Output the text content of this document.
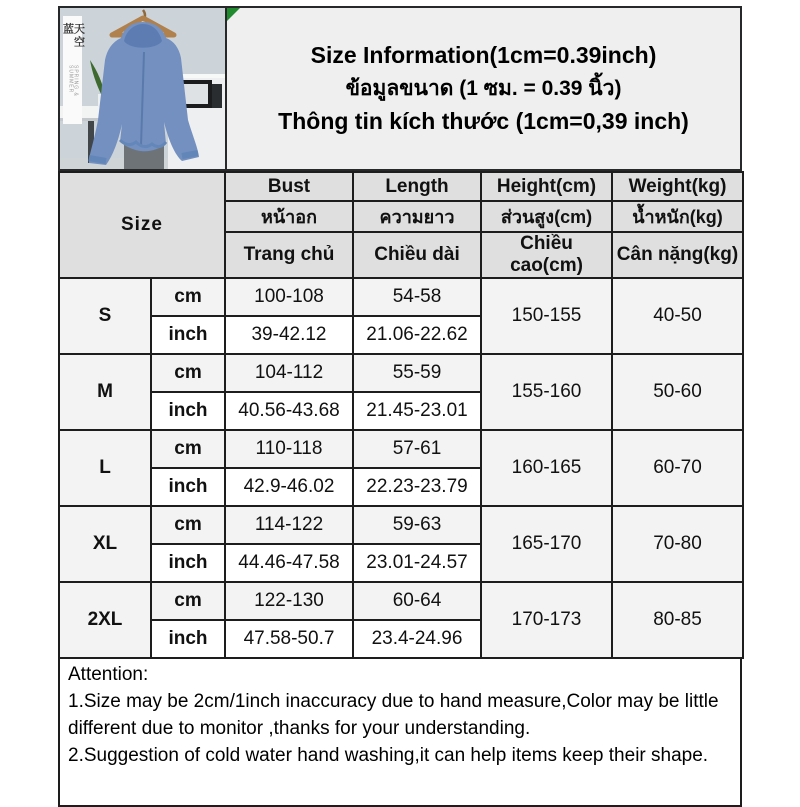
天空蓝
SPRING & SUMMER
Size Information(1cm=0.39inch)
ข้อมูลขนาด (1 ซม. = 0.39 นิ้ว)
Thông tin kích thước (1cm=0,39 inch)
Size		Bust	Length	Height(cm)	Weight(kg)
		หน้าอก	ความยาว	ส่วนสูง(cm)	น้ำหนัก(kg)
		Trang chủ	Chiều dài	Chiều cao(cm)	Cân nặng(kg)
S	cm	100-108	54-58	150-155	40-50
	inch	39-42.12	21.06-22.62		
M	cm	104-112	55-59	155-160	50-60
	inch	40.56-43.68	21.45-23.01		
L	cm	110-118	57-61	160-165	60-70
	inch	42.9-46.02	22.23-23.79		
XL	cm	114-122	59-63	165-170	70-80
	inch	44.46-47.58	23.01-24.57		
2XL	cm	122-130	60-64	170-173	80-85
	inch	47.58-50.7	23.4-24.96		
Attention:

1.Size may be 2cm/1inch inaccuracy due to hand measure,Color may be little different due to monitor ,thanks for your understanding.

2.Suggestion of cold water hand washing,it can help items keep their shape.
